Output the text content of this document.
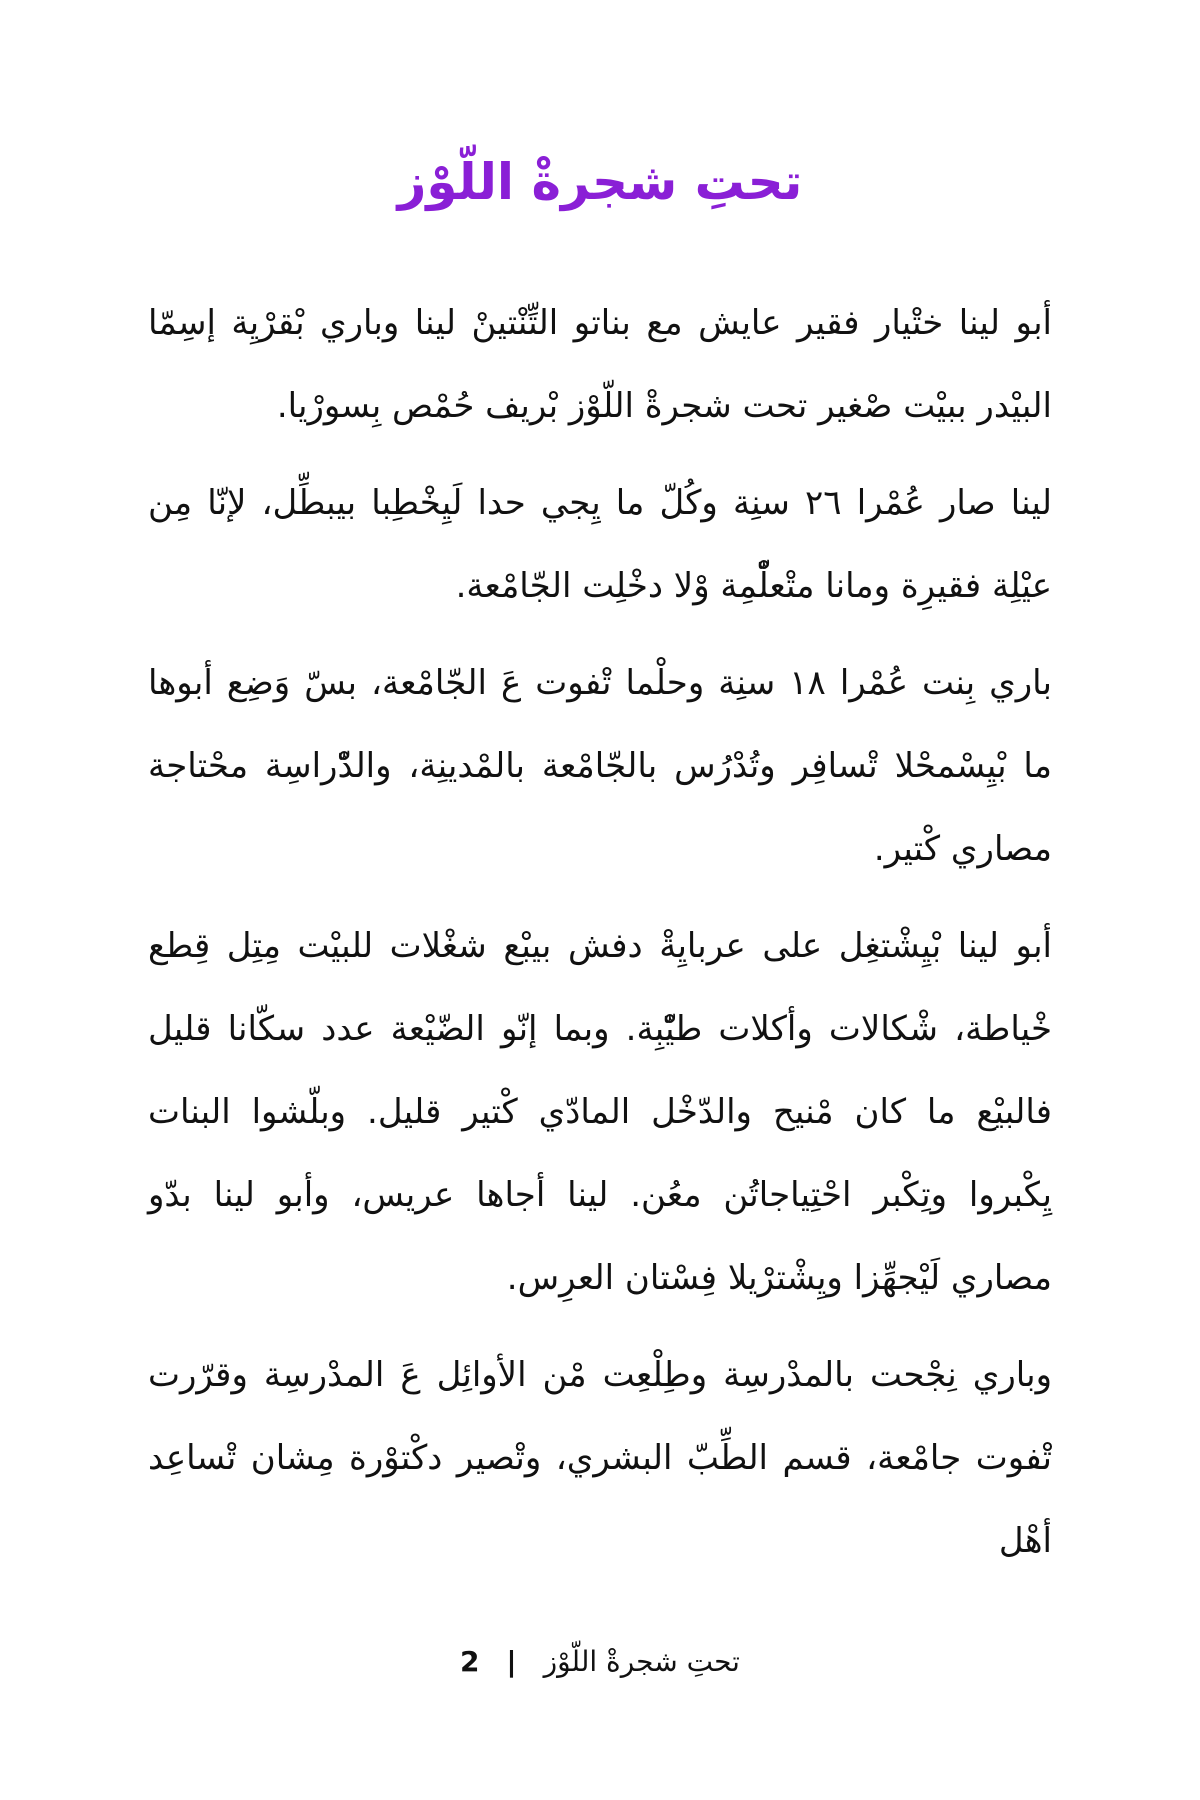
تحتِ شجرةْ اللّوْز

أبو لينا ختْيار فقير عايش مع بناتو التِّنْتينْ لينا وباري بْقرْيِة إسِمّا البيْدر ببيْت صْغير تحت شجرةْ اللّوْز بْريف حُمْص بِسورْيا.

لينا صار عُمْرا ٢٦ سنِة وكُلّ ما يِجي حدا لَيِخْطِبا بيبطِّل، لإنّا مِن عيْلِة فقيرِة ومانا متْعلّْمِة وْلا دخْلِت الجّامْعة.

باري بِنت عُمْرا ١٨ سنِة وحلْما تْفوت عَ الجّامْعة، بسّ وَضِع أبوها ما بْيِسْمحْلا تْسافِر وتُدْرُس بالجّامْعة بالمْدينِة، والدّْراسِة محْتاجة مصاري كْتير.

أبو لينا بْيِشْتغِل على عربايِةْ دفش بيبْع شغْلات للبيْت مِتِل قِطع خْياطة، شْكالات وأكلات طيّْبِة. وبما إنّو الضّيْعة عدد سكّانا قليل فالبيْع ما كان مْنيح والدّخْل المادّي كْتير قليل. وبلّشوا البنات يِكْبروا وتِكْبر احْتِياجاتُن معُن. لينا أجاها عريس، وأبو لينا بدّو مصاري لَيْجهِّزا ويِشْترْيلا فِسْتان العرِس.

وباري نِجْحت بالمدْرسِة وطِلْعِت مْن الأوائِل عَ المدْرسِة وقرّرت تْفوت جامْعة، قسم الطِّبّ البشري، وتْصير دكْتوْرة مِشان تْساعِد أهْل

تحتِ شجرةْ اللّوْز | 2
